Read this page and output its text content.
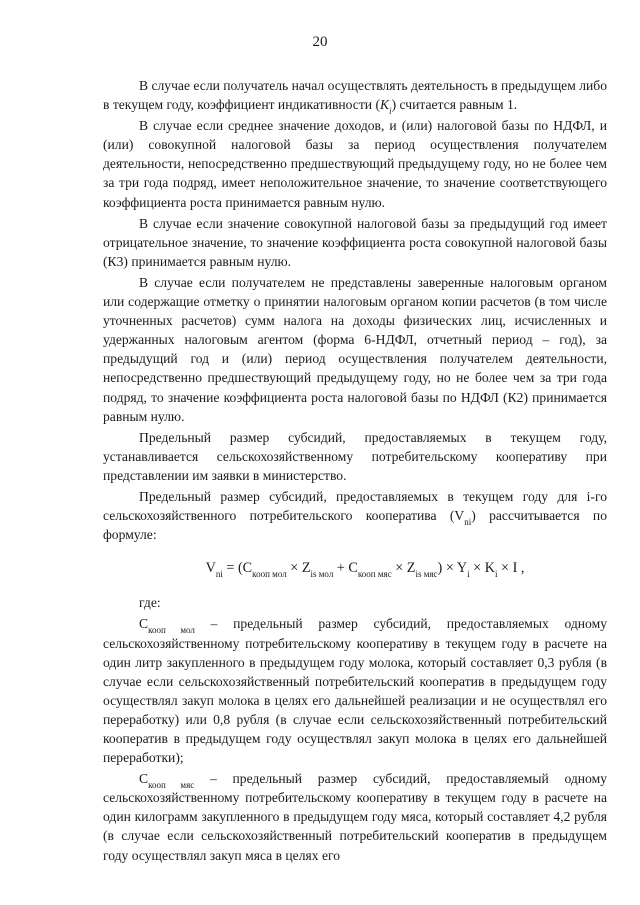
20

В случае если получатель начал осуществлять деятельность в предыдущем либо в текущем году, коэффициент индикативности $(K_i)$ считается равным 1.

В случае если среднее значение доходов, и (или) налоговой базы по НДФЛ, и (или) совокупной налоговой базы за период осуществления получателем деятельности, непосредственно предшествующий предыдущему году, но не более чем за три года подряд, имеет неположительное значение, то значение соответствующего коэффициента роста принимается равным нулю.

В случае если значение совокупной налоговой базы за предыдущий год имеет отрицательное значение, то значение коэффициента роста совокупной налоговой базы (К3) принимается равным нулю.

В случае если получателем не представлены заверенные налоговым органом или содержащие отметку о принятии налоговым органом копии расчетов (в том числе уточненных расчетов) сумм налога на доходы физических лиц, исчисленных и удержанных налоговым агентом (форма 6-НДФЛ, отчетный период – год), за предыдущий год и (или) период осуществления получателем деятельности, непосредственно предшествующий предыдущему году, но не более чем за три года подряд, то значение коэффициента роста налоговой базы по НДФЛ (К2) принимается равным нулю.

Предельный размер субсидий, предоставляемых в текущем году, устанавливается сельскохозяйственному потребительскому кооперативу при представлении им заявки в министерство.

Предельный размер субсидий, предоставляемых в текущем году для i-го сельскохозяйственного потребительского кооператива $(V_{ni})$ рассчитывается по формуле:

$V_{ni} = (С_{кооп мол} \times Z_{is мол} + С_{кооп мяс} \times Z_{is мяс}) \times Y_i \times K_i \times I$ ,

где:

$С_{кооп мол}$ – предельный размер субсидий, предоставляемых одному сельскохозяйственному потребительскому кооперативу в текущем году в расчете на один литр закупленного в предыдущем году молока, который составляет 0,3 рубля (в случае если сельскохозяйственный потребительский кооператив в предыдущем году осуществлял закуп молока в целях его дальнейшей реализации и не осуществлял его переработку) или 0,8 рубля (в случае если сельскохозяйственный потребительский кооператив в предыдущем году осуществлял закуп молока в целях его дальнейшей переработки);

$С_{кооп мяс}$ – предельный размер субсидий, предоставляемый одному сельскохозяйственному потребительскому кооперативу в текущем году в расчете на один килограмм закупленного в предыдущем году мяса, который составляет 4,2 рубля (в случае если сельскохозяйственный потребительский кооператив в предыдущем году осуществлял закуп мяса в целях его
